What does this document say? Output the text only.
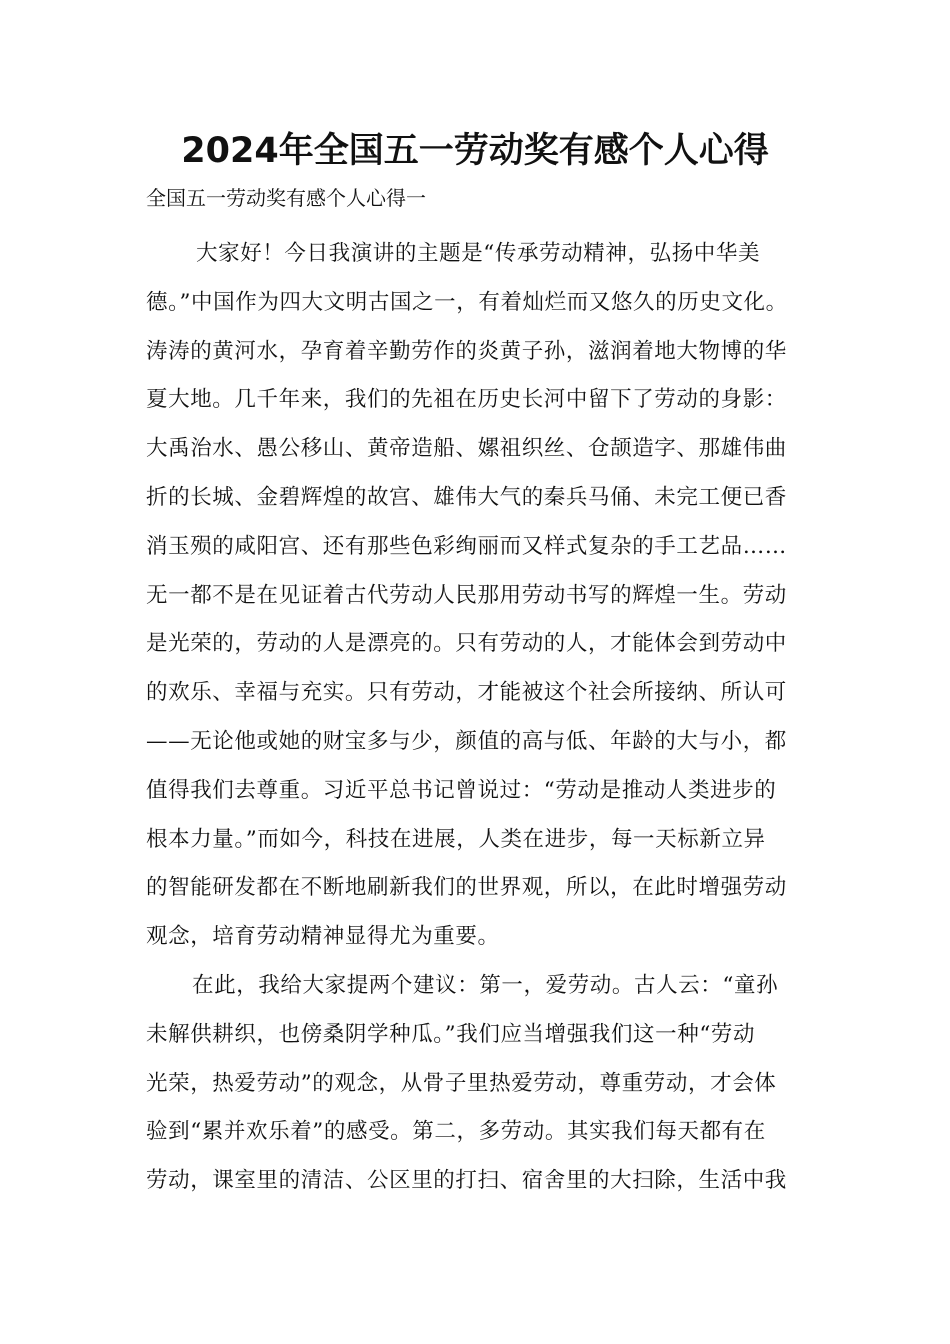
2024年全国五一劳动奖有感个人心得

全国五一劳动奖有感个人心得一

大家好！今日我演讲的主题是“传承劳动精神，弘扬中华美
德。”中国作为四大文明古国之一，有着灿烂而又悠久的历史文化。
涛涛的黄河水，孕育着辛勤劳作的炎黄子孙，滋润着地大物博的华
夏大地。几千年来，我们的先祖在历史长河中留下了劳动的身影：
大禹治水、愚公移山、黄帝造船、嫘祖织丝、仓颉造字、那雄伟曲
折的长城、金碧辉煌的故宫、雄伟大气的秦兵马俑、未完工便已香
消玉殒的咸阳宫、还有那些色彩绚丽而又样式复杂的手工艺品……
无一都不是在见证着古代劳动人民那用劳动书写的辉煌一生。劳动
是光荣的，劳动的人是漂亮的。只有劳动的人，才能体会到劳动中
的欢乐、幸福与充实。只有劳动，才能被这个社会所接纳、所认可
——无论他或她的财宝多与少，颜值的高与低、年龄的大与小，都
值得我们去尊重。习近平总书记曾说过：“劳动是推动人类进步的
根本力量。”而如今，科技在进展，人类在进步，每一天标新立异
的智能研发都在不断地刷新我们的世界观，所以，在此时增强劳动
观念，培育劳动精神显得尤为重要。
在此，我给大家提两个建议：第一，爱劳动。古人云：“童孙
未解供耕织，也傍桑阴学种瓜。”我们应当增强我们这一种“劳动
光荣，热爱劳动”的观念，从骨子里热爱劳动，尊重劳动，才会体
验到“累并欢乐着”的感受。第二，多劳动。其实我们每天都有在
劳动，课室里的清洁、公区里的打扫、宿舍里的大扫除，生活中我
